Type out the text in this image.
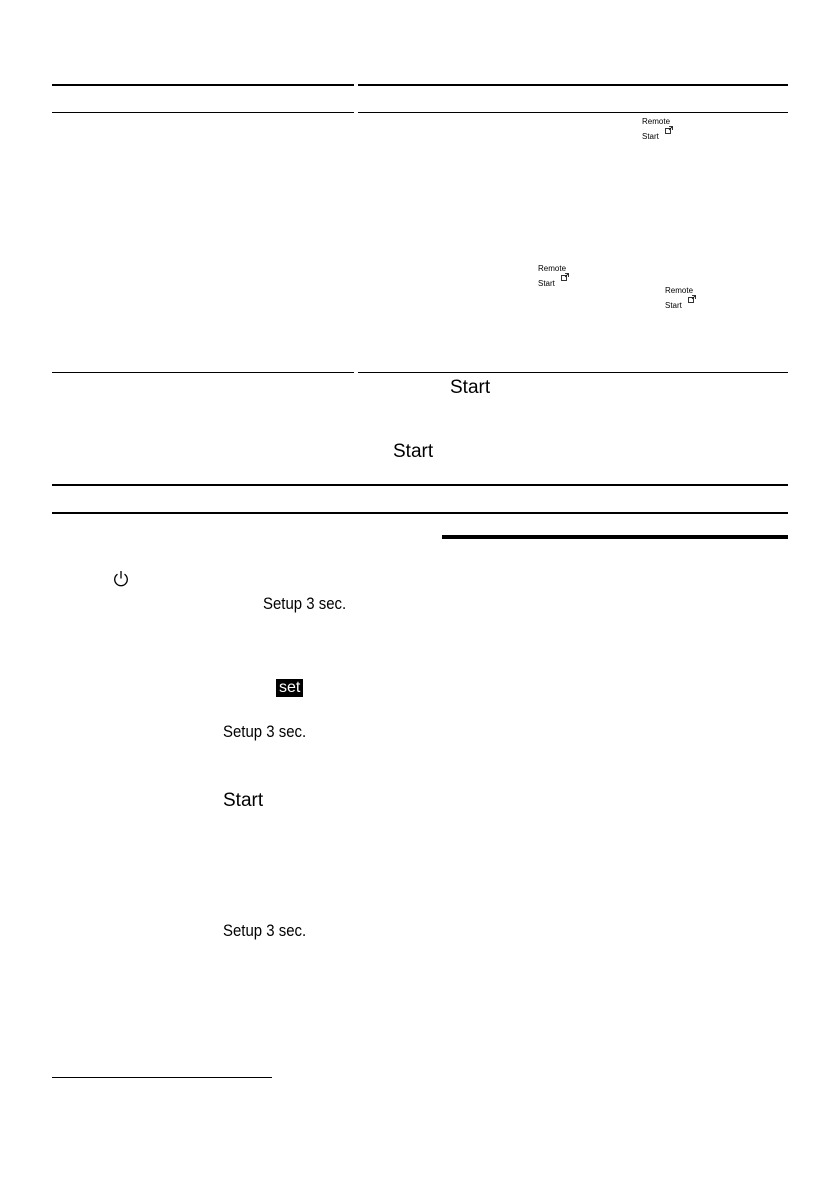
Remote
Start
Remote
Start
Remote
Start
Start
Start
Setup 3 sec.
Setup 3 sec.
Setup 3 sec.
set
Start
